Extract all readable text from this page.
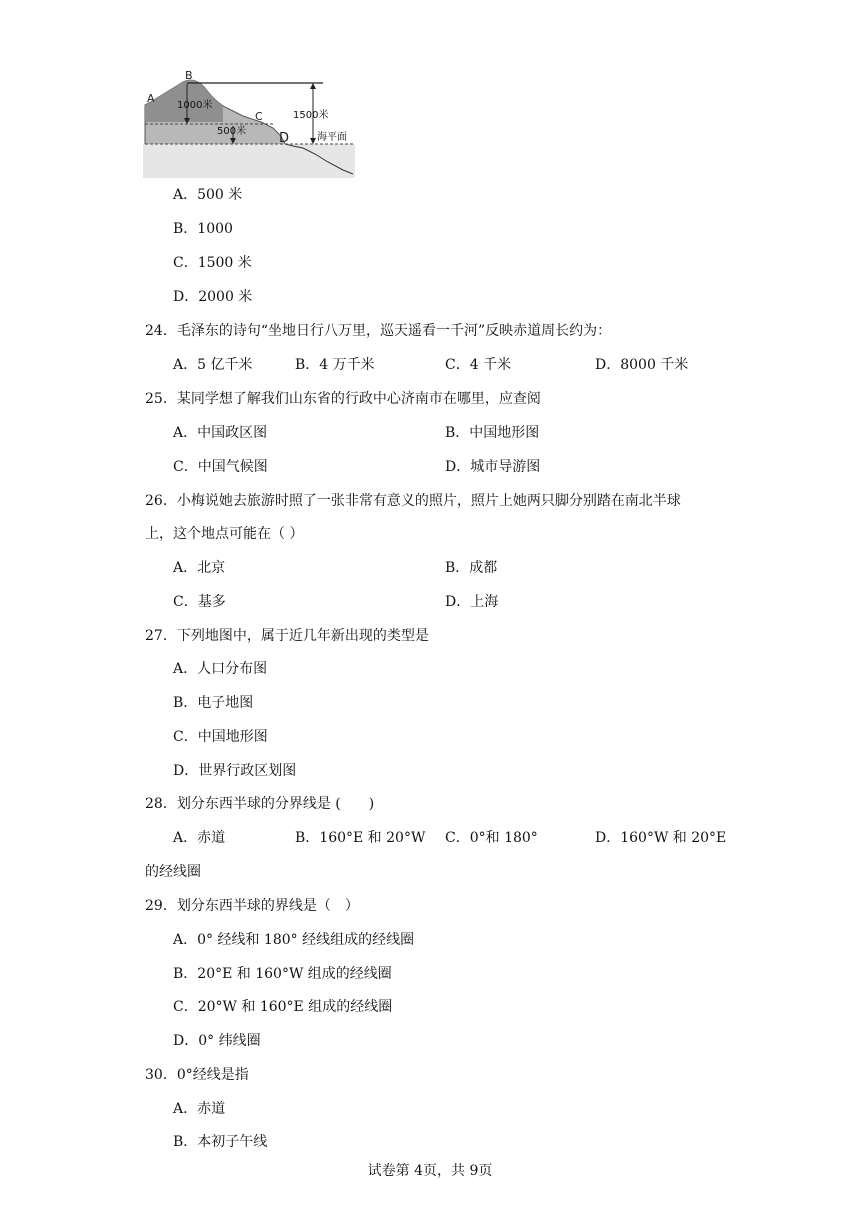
A
B
C
D
1000米
500米
1500米
海平面
A．500 米
B．1000
C．1500 米
D．2000 米
24．毛泽东的诗句“坐地日行八万里，巡天遥看一千河”反映赤道周长约为：
A．5 亿千米	B．4 万千米	C．4 千米	D．8000 千米
25．某同学想了解我们山东省的行政中心济南市在哪里，应查阅
A．中国政区图	B．中国地形图
C．中国气候图	D．城市导游图
26．小梅说她去旅游时照了一张非常有意义的照片，照片上她两只脚分别踏在南北半球
上，这个地点可能在（ ）
A．北京	B．成都
C．基多	D．上海
27．下列地图中，属于近几年新出现的类型是
A．人口分布图
B．电子地图
C．中国地形图
D．世界行政区划图
28．划分东西半球的分界线是 (　　)
A．赤道	B．160°E 和 20°W C．0°和 180°	D．160°W 和 20°E
的经线圈
29．划分东西半球的界线是（　）
A．0° 经线和 180° 经线组成的经线圈
B．20°E 和 160°W 组成的经线圈
C．20°W 和 160°E 组成的经线圈
D．0° 纬线圈
30．0°经线是指
A．赤道
B．本初子午线
试卷第 4页，共 9页
